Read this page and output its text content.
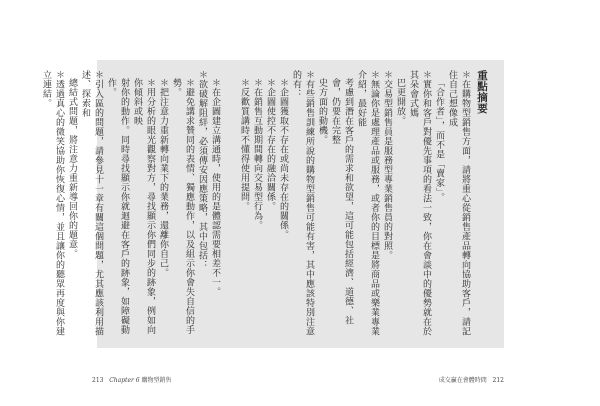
重點摘要
＊在購物型銷售方面，請將重心從銷售產品轉向協助客戶，請記住自己想像成
「合作者」，而不是「賣家」。
＊實你和客戶對優先事項的看法一致，你在會談中的優勢就在於其朵會式媽
巴更開放。
＊交易型銷售員是服務型專業銷售員的對照。
＊無論你是處理產品或服務，或者你的目標是將商品或樂業專業介紹，最好能
考慮到潛在客戶的需求和欲望，這可能包括經濟、道德、社會，仍要在完整
史方面的動機。
＊有些銷售訓練所說的購物型銷售可能有害，其中應該特別注意的有：
＊企圖獲取不存在或尚未存在的關係。
＊企圖使控不存在的融洽關係。
＊在銷售互動期間轉向交易型行為。
＊反歡質講時不懂得使用提問。
＊在企圖建立溝通時，使用的是體認需要相差不一。
＊欲破解阻絆，必須傳安因應策略，其中包括：
＊避免講求贊同的表情、獨應動作，以及組示你會失自信的手勢。
＊把注意力重新轉向業下的業務，還離你自己。
＊用分析的眼光觀察對方，尋找顯示你們同步的跡象，例如向你傾斜或映
射你的動作。同時尋找顯示你就迴避在客戶的跡象，如障礙動作。
＊引入區的問題，請參見十一章有關這個問題，尤其應該利用描述、探索和
總結式問題，將注意力重新導回你的題意。
＊透過真心的微笑協助你恢復心情，並且讓你的聽眾再度與你建立連結。
213 Chapter 6 購物型銷售	成交贏在會體時間 212
